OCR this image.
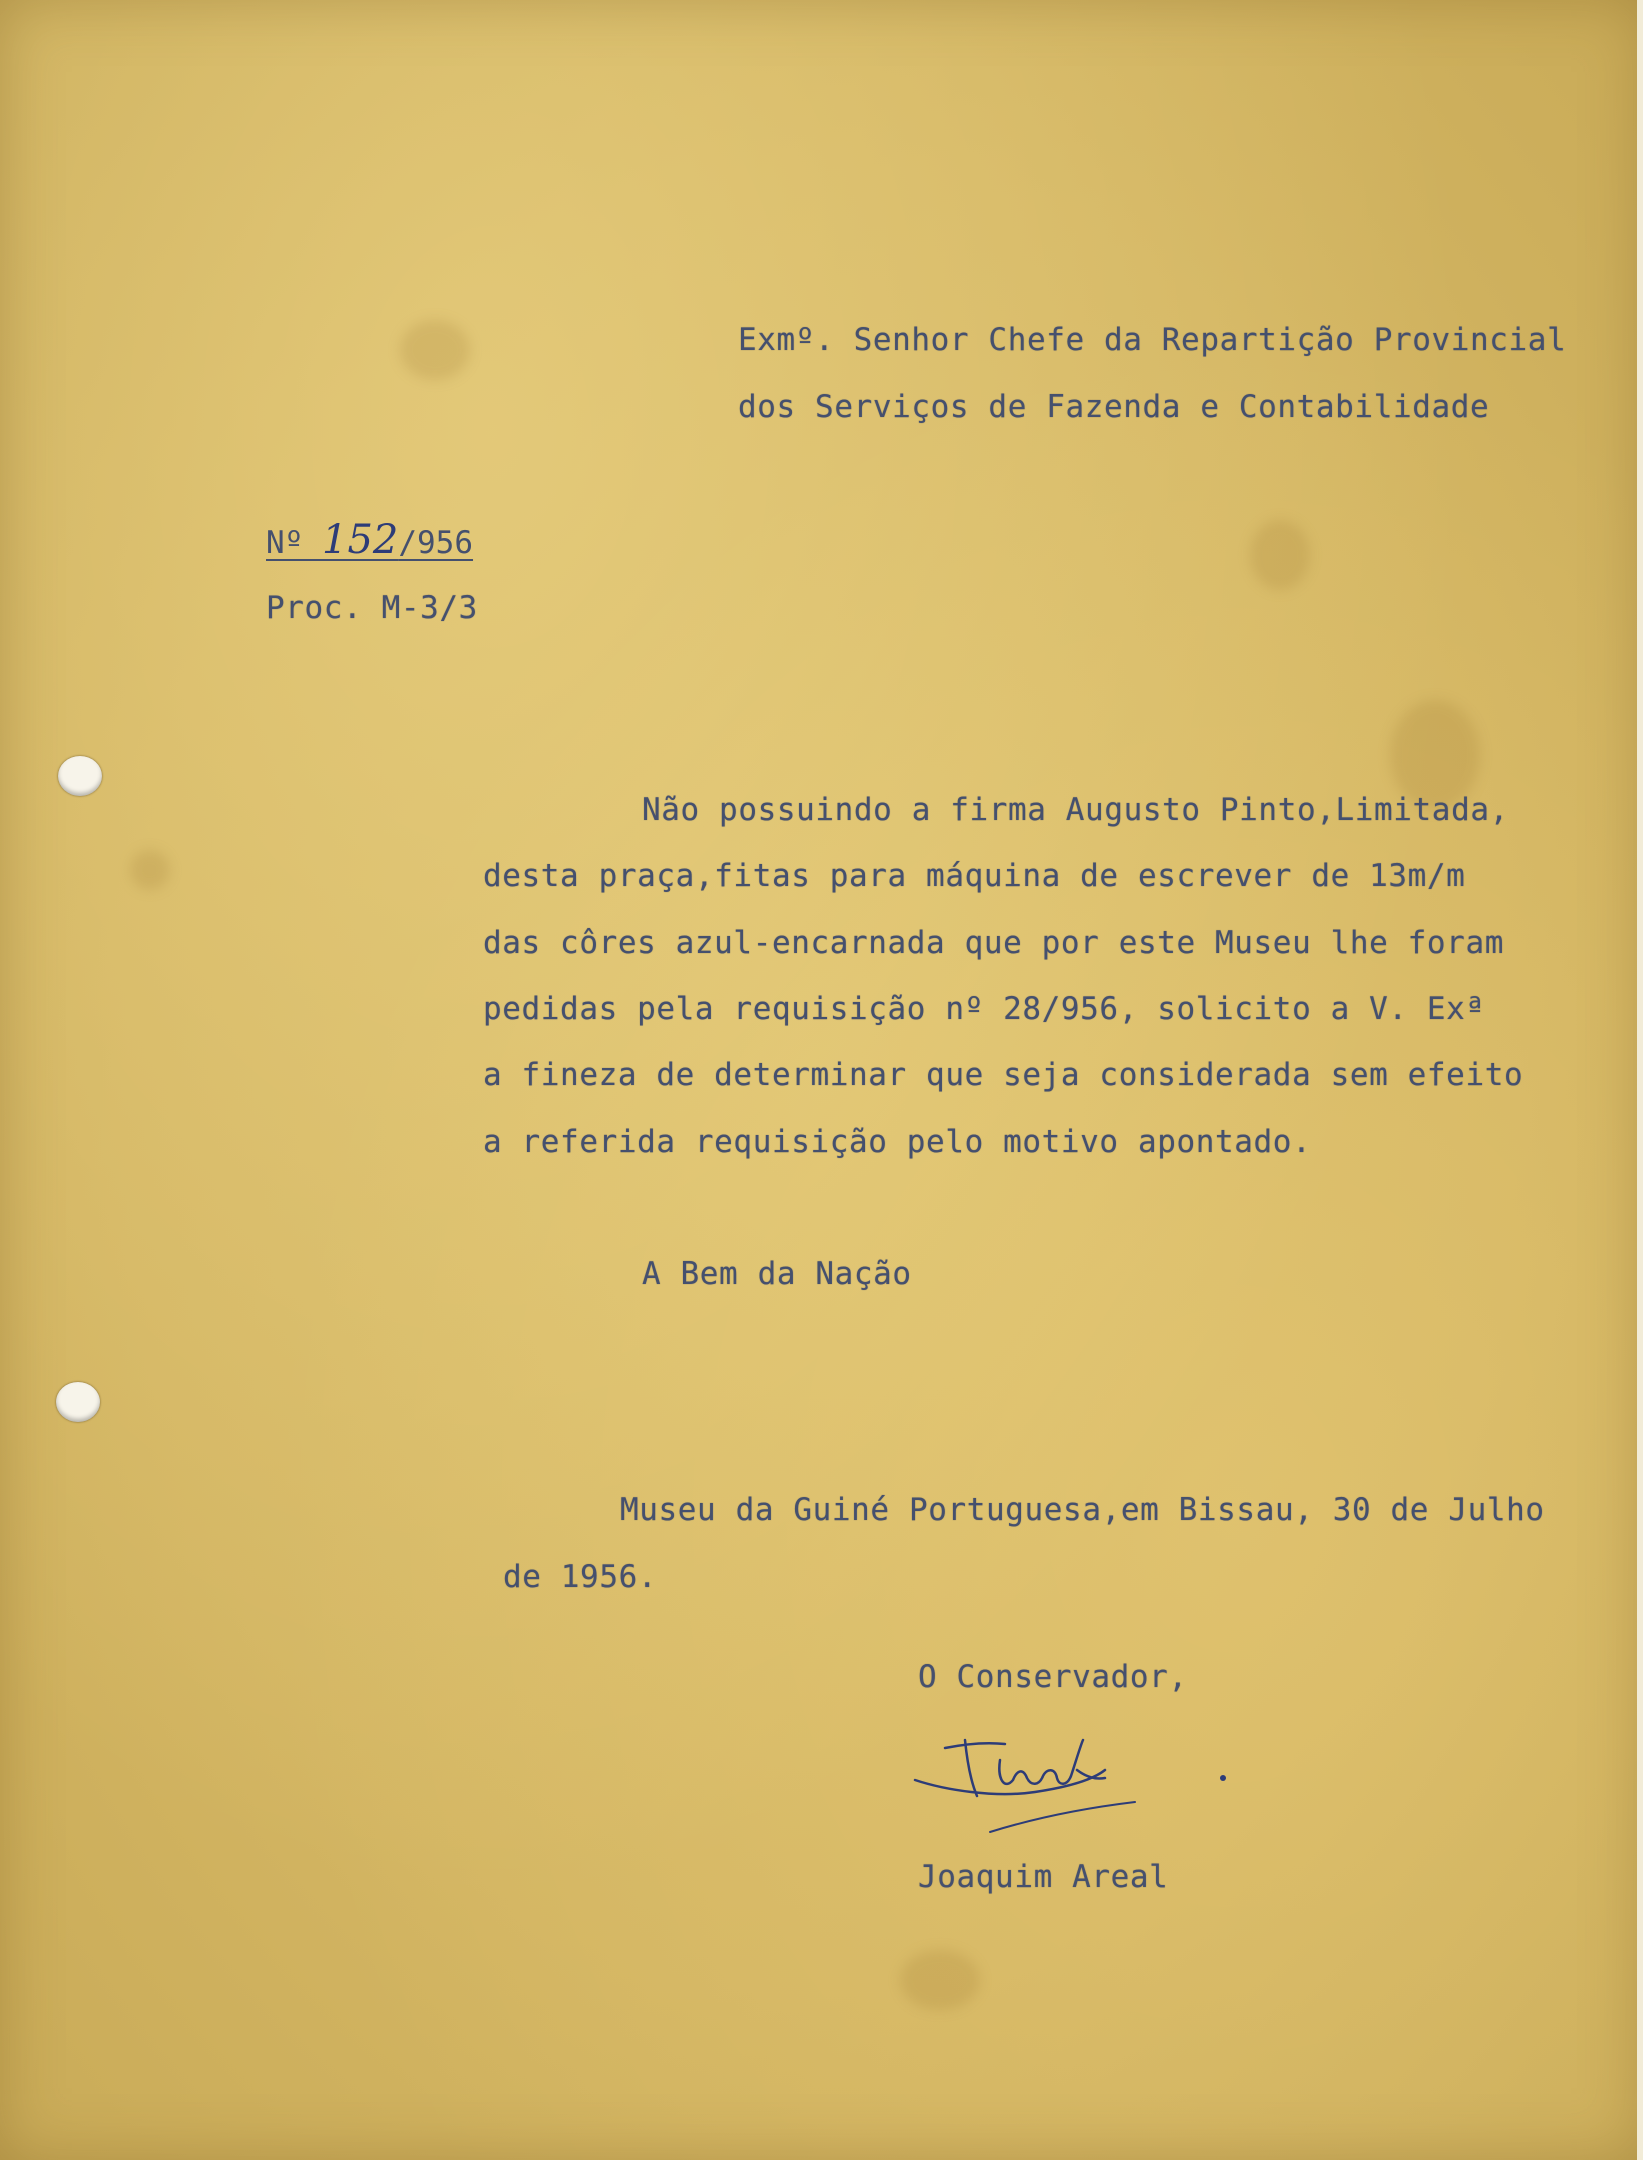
Exmº. Senhor Chefe da Repartição Provincial
dos Serviços de Fazenda e Contabilidade
Nº 152/956
Proc. M-3/3
Não possuindo a firma Augusto Pinto,Limitada,
desta praça,fitas para máquina de escrever de 13m/m
das côres azul-encarnada que por este Museu lhe foram
pedidas pela requisição nº 28/956, solicito a V. Exª
a fineza de determinar que seja considerada sem efeito
a referida requisição pelo motivo apontado.
A Bem da Nação
Museu da Guiné Portuguesa,em Bissau, 30 de Julho
de 1956.
O Conservador,
Joaquim Areal
